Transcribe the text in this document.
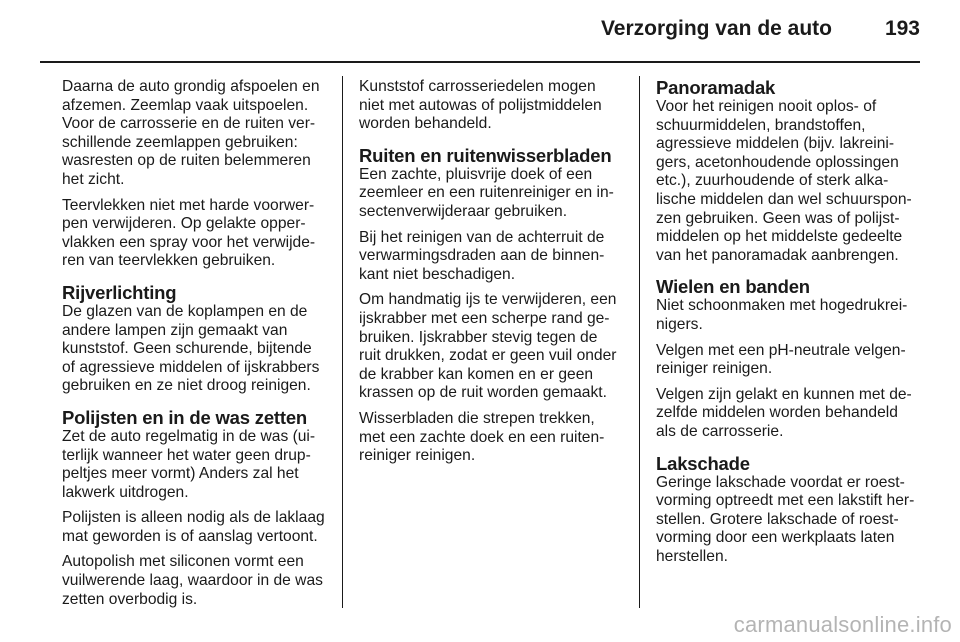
Verzorging van de auto	193

Daarna de auto grondig afspoelen en
afzemen. Zeemlap vaak uitspoelen.
Voor de carrosserie en de ruiten ver-
schillende zeemlappen gebruiken:
wasresten op de ruiten belemmeren
het zicht.

Teervlekken niet met harde voorwer-
pen verwijderen. Op gelakte opper-
vlakken een spray voor het verwijde-
ren van teervlekken gebruiken.

Rijverlichting

De glazen van de koplampen en de
andere lampen zijn gemaakt van
kunststof. Geen schurende, bijtende
of agressieve middelen of ijskrabbers
gebruiken en ze niet droog reinigen.

Polijsten en in de was zetten

Zet de auto regelmatig in de was (ui-
terlijk wanneer het water geen drup-
peltjes meer vormt) Anders zal het
lakwerk uitdrogen.

Polijsten is alleen nodig als de laklaag
mat geworden is of aanslag vertoont.

Autopolish met siliconen vormt een
vuilwerende laag, waardoor in de was
zetten overbodig is.

Kunststof carrosseriedelen mogen
niet met autowas of polijstmiddelen
worden behandeld.

Ruiten en ruitenwisserbladen

Een zachte, pluisvrije doek of een
zeemleer en een ruitenreiniger en in-
sectenverwijderaar gebruiken.

Bij het reinigen van de achterruit de
verwarmingsdraden aan de binnen-
kant niet beschadigen.

Om handmatig ijs te verwijderen, een
ijskrabber met een scherpe rand ge-
bruiken. Ijskrabber stevig tegen de
ruit drukken, zodat er geen vuil onder
de krabber kan komen en er geen
krassen op de ruit worden gemaakt.

Wisserbladen die strepen trekken,
met een zachte doek en een ruiten-
reiniger reinigen.

Panoramadak

Voor het reinigen nooit oplos- of
schuurmiddelen, brandstoffen,
agressieve middelen (bijv. lakreini-
gers, acetonhoudende oplossingen
etc.), zuurhoudende of sterk alka-
lische middelen dan wel schuurspon-
zen gebruiken. Geen was of polijst-
middelen op het middelste gedeelte
van het panoramadak aanbrengen.

Wielen en banden

Niet schoonmaken met hogedrukrei-
nigers.

Velgen met een pH-neutrale velgen-
reiniger reinigen.

Velgen zijn gelakt en kunnen met de-
zelfde middelen worden behandeld
als de carrosserie.

Lakschade

Geringe lakschade voordat er roest-
vorming optreedt met een lakstift her-
stellen. Grotere lakschade of roest-
vorming door een werkplaats laten
herstellen.

carmanualsonline.info
